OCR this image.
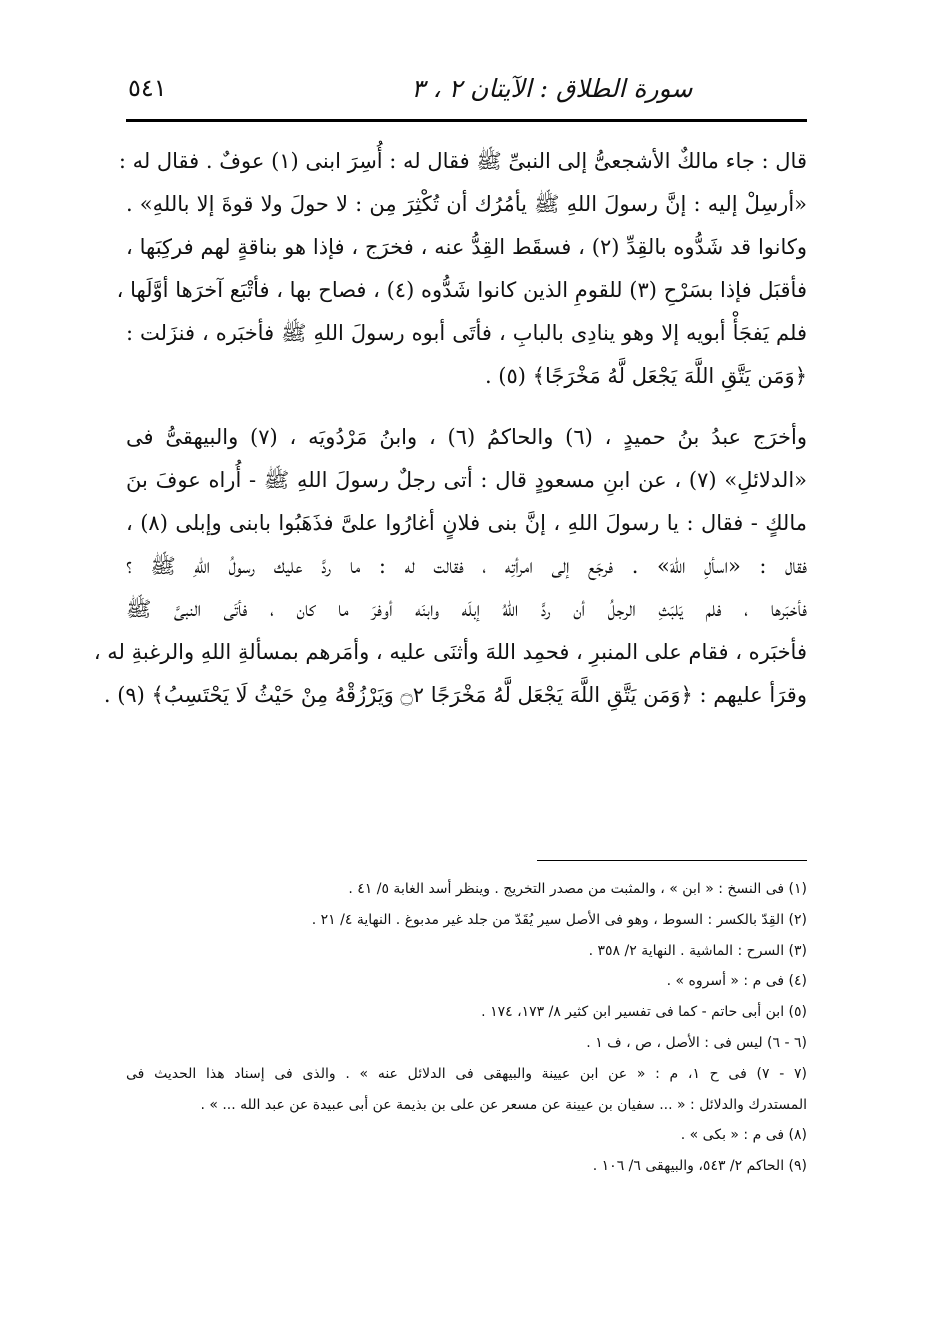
سورة الطلاق : الآيتان ٢ ، ٣
٥٤١
قال : جاء مالكٌ الأشجعىُّ إلى النبىِّ ﷺ فقال له : أُسِرَ ابنى (١) عوفٌ . فقال له :
«أرسِلْ إليه : إنَّ رسولَ اللهِ ﷺ يأمُرُك أن تُكْثِرَ مِن : لا حولَ ولا قوةَ إلا باللهِ» .
وكانوا قد شَدُّوه بالقِدِّ (٢) ، فسقَط القِدُّ عنه ، فخرَج ، فإذا هو بناقةٍ لهم فركِبَها ،
فأقبَل فإذا بسَرْحِ (٣) للقومِ الذين كانوا شَدُّوه (٤) ، فصاح بها ، فأتْبَع آخرَها أوَّلَها ،
فلم يَفجَأْ أبويه إلا وهو ينادِى بالبابِ ، فأتَى أبوه رسولَ اللهِ ﷺ فأخبَره ، فنزَلت :
﴿وَمَن يَتَّقِ اللَّهَ يَجْعَل لَّهُ مَخْرَجًا﴾ (٥) .
وأخرَج عبدُ بنُ حميدٍ ، (٦) والحاكمُ (٦) ، وابنُ مَرْدُويَه ، (٧) والبيهقىُّ فى
«الدلائلِ» (٧) ، عن ابنِ مسعودٍ قال : أتى رجلٌ رسولَ اللهِ ﷺ - أُراه عوفَ بنَ
مالكٍ - فقال : يا رسولَ اللهِ ، إنَّ بنى فلانٍ أغارُوا علىَّ فذَهَبُوا بابنى وإبلى (٨) ،
فقال : «اسألِ اللهَ» . فرجَع إلى امرأتِه ، فقالت له : ما ردَّ عليك رسولُ اللهِ ﷺ ؟
فأخبَرها ، فلم يَلبَثِ الرجلُ أن ردَّ اللهُ إبلَه وابنَه أوفرَ ما كان ، فأتَى النبىَّ ﷺ
فأخبَره ، فقام على المنبرِ ، فحمِد اللهَ وأثنَى عليه ، وأمَرهم بمسألةِ اللهِ والرغبةِ له ،
وقرَأ عليهم : ﴿وَمَن يَتَّقِ اللَّهَ يَجْعَل لَّهُ مَخْرَجًا ۝٢ وَيَرْزُقْهُ مِنْ حَيْثُ لَا يَحْتَسِبُ﴾ (٩) .
(١) فى النسخ : « ابن » ، والمثبت من مصدر التخريج . وينظر أسد الغابة ٥/ ٤١ .
(٢) القِدّ بالكسر : السوط ، وهو فى الأصل سير يُقَدّ من جلد غير مدبوغ . النهاية ٤/ ٢١ .
(٣) السرح : الماشية . النهاية ٢/ ٣٥٨ .
(٤) فى م : « أسروه » .
(٥) ابن أبى حاتم - كما فى تفسير ابن كثير ٨/ ١٧٣، ١٧٤ .
(٦ - ٦) ليس فى : الأصل ، ص ، ف ١ .
(٧ - ٧) فى ح ١، م : « عن ابن عيينة والبيهقى فى الدلائل عنه » . والذى فى إسناد هذا الحديث فى
المستدرك والدلائل : « ... سفيان بن عيينة عن مسعر عن على بن بذيمة عن أبى عبيدة عن عبد الله ... » .
(٨) فى م : « بكى » .
(٩) الحاكم ٢/ ٥٤٣، والبيهقى ٦/ ١٠٦ .
